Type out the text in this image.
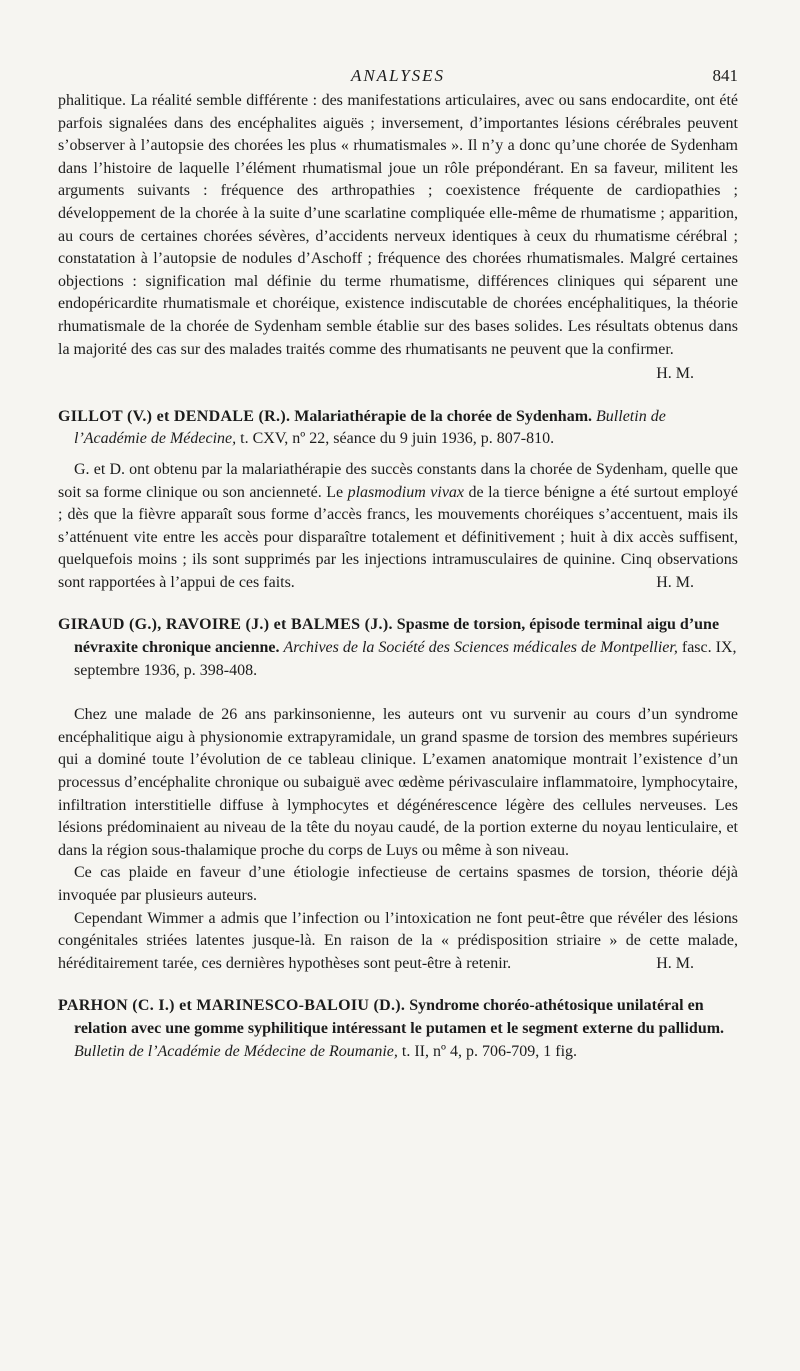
ANALYSES	841

phalitique. La réalité semble différente : des manifestations articulaires, avec ou sans endocardite, ont été parfois signalées dans des encéphalites aiguës ; inversement, d’importantes lésions cérébrales peuvent s’observer à l’autopsie des chorées les plus « rhumatismales ». Il n’y a donc qu’une chorée de Sydenham dans l’histoire de laquelle l’élément rhumatismal joue un rôle prépondérant. En sa faveur, militent les arguments suivants : fréquence des arthropathies ; coexistence fréquente de cardiopathies ; développement de la chorée à la suite d’une scarlatine compliquée elle-même de rhumatisme ; apparition, au cours de certaines chorées sévères, d’accidents nerveux identiques à ceux du rhumatisme cérébral ; constatation à l’autopsie de nodules d’Aschoff ; fréquence des chorées rhumatismales. Malgré certaines objections : signification mal définie du terme rhumatisme, différences cliniques qui séparent une endopéricardite rhumatismale et choréique, existence indiscutable de chorées encéphalitiques, la théorie rhumatismale de la chorée de Sydenham semble établie sur des bases solides. Les résultats obtenus dans la majorité des cas sur des malades traités comme des rhumatisants ne peuvent que la confirmer.

H. M.

GILLOT (V.) et DENDALE (R.). Malariathérapie de la chorée de Sydenham. Bulletin de l’Académie de Médecine, t. CXV, nº 22, séance du 9 juin 1936, p. 807-810.

G. et D. ont obtenu par la malariathérapie des succès constants dans la chorée de Sydenham, quelle que soit sa forme clinique ou son ancienneté. Le plasmodium vivax de la tierce bénigne a été surtout employé ; dès que la fièvre apparaît sous forme d’accès francs, les mouvements choréiques s’accentuent, mais ils s’atténuent vite entre les accès pour disparaître totalement et définitivement ; huit à dix accès suffisent, quelquefois moins ; ils sont supprimés par les injections intramusculaires de quinine. Cinq observations sont rapportées à l’appui de ces faits.	H. M.

GIRAUD (G.), RAVOIRE (J.) et BALMES (J.). Spasme de torsion, épisode terminal aigu d’une névraxite chronique ancienne. Archives de la Société des Sciences médicales de Montpellier, fasc. IX, septembre 1936, p. 398-408.

Chez une malade de 26 ans parkinsonienne, les auteurs ont vu survenir au cours d’un syndrome encéphalitique aigu à physionomie extrapyramidale, un grand spasme de torsion des membres supérieurs qui a dominé toute l’évolution de ce tableau clinique. L’examen anatomique montrait l’existence d’un processus d’encéphalite chronique ou subaiguë avec œdème périvasculaire inflammatoire, lymphocytaire, infiltration interstitielle diffuse à lymphocytes et dégénérescence légère des cellules nerveuses. Les lésions prédominaient au niveau de la tête du noyau caudé, de la portion externe du noyau lenticulaire, et dans la région sous-thalamique proche du corps de Luys ou même à son niveau.

Ce cas plaide en faveur d’une étiologie infectieuse de certains spasmes de torsion, théorie déjà invoquée par plusieurs auteurs.

Cependant Wimmer a admis que l’infection ou l’intoxication ne font peut-être que révéler des lésions congénitales striées latentes jusque-là. En raison de la « prédisposition striaire » de cette malade, héréditairement tarée, ces dernières hypothèses sont peut-être à retenir.	H. M.

PARHON (C. I.) et MARINESCO-BALOIU (D.). Syndrome choréo-athétosique unilatéral en relation avec une gomme syphilitique intéressant le putamen et le segment externe du pallidum. Bulletin de l’Académie de Médecine de Roumanie, t. II, nº 4, p. 706-709, 1 fig.
